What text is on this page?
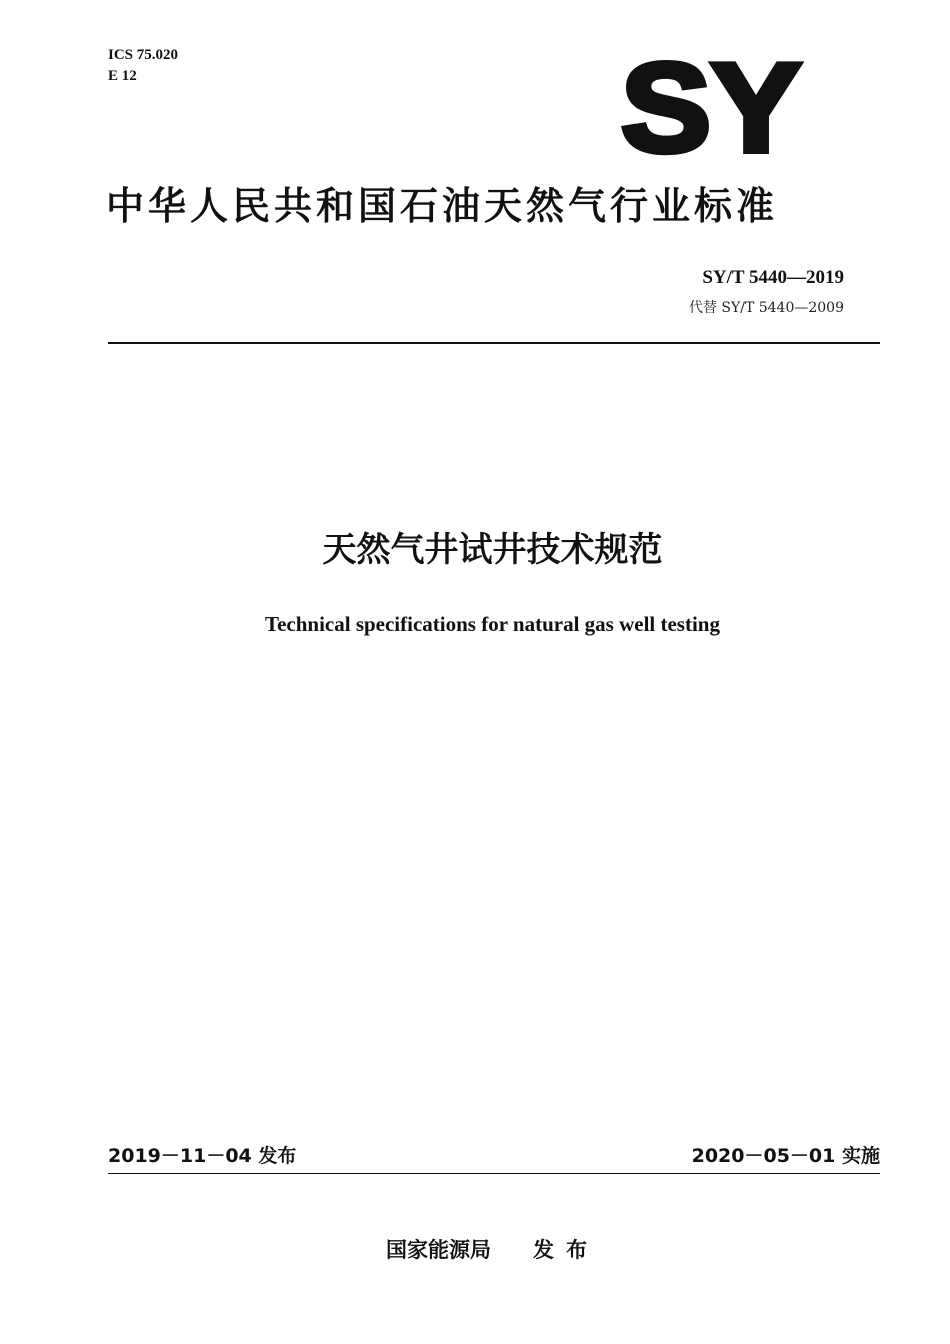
ICS 75.020
E 12	SY
中华人民共和国石油天然气行业标准
SY/T 5440—2019
代替 SY/T 5440—2009
天然气井试井技术规范
Technical specifications for natural gas well testing
2019－11－04 发布	2020－05－01 实施
国家能源局 发布
